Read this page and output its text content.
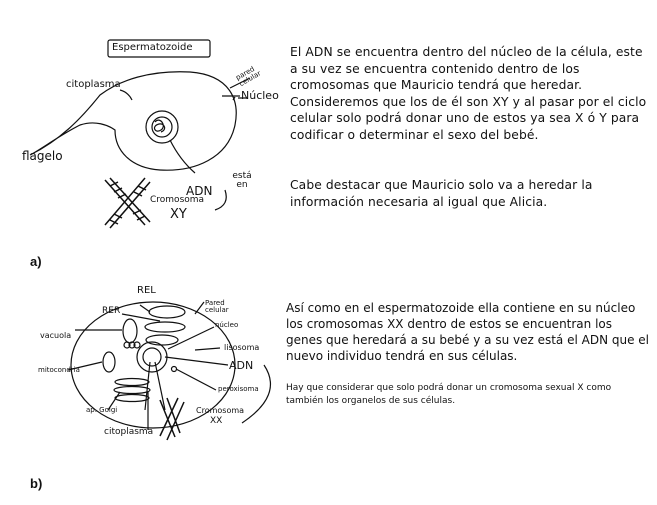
Espermatozoide
pared celular
citoplasma
Núcleo
flagelo
ADN
está en
Cromosoma
XY
El ADN se encuentra dentro del núcleo de la célula, este a su vez se encuentra contenido dentro de los cromosomas que Mauricio tendrá que heredar. Consideremos que los de él son XY y al pasar por el ciclo celular solo podrá donar uno de estos ya sea X ó Y para codificar o determinar el sexo del bebé.
Cabe destacar que Mauricio solo va a heredar la información necesaria al igual que Alicia.
a)
REL
RER
Pared celular
núcleo
vacuola
lisosoma
mitocondria	ADN
peroxisoma
ap. Golgi	Cromosoma
XX
citoplasma
Así como en el espermatozoide ella contiene en su núcleo los cromosomas XX dentro de estos se encuentran los genes que heredará a su bebé y a su vez está el ADN que el nuevo individuo tendrá en sus células.
Hay que considerar que solo podrá donar un cromosoma sexual X como también los organelos de sus células.
b)
